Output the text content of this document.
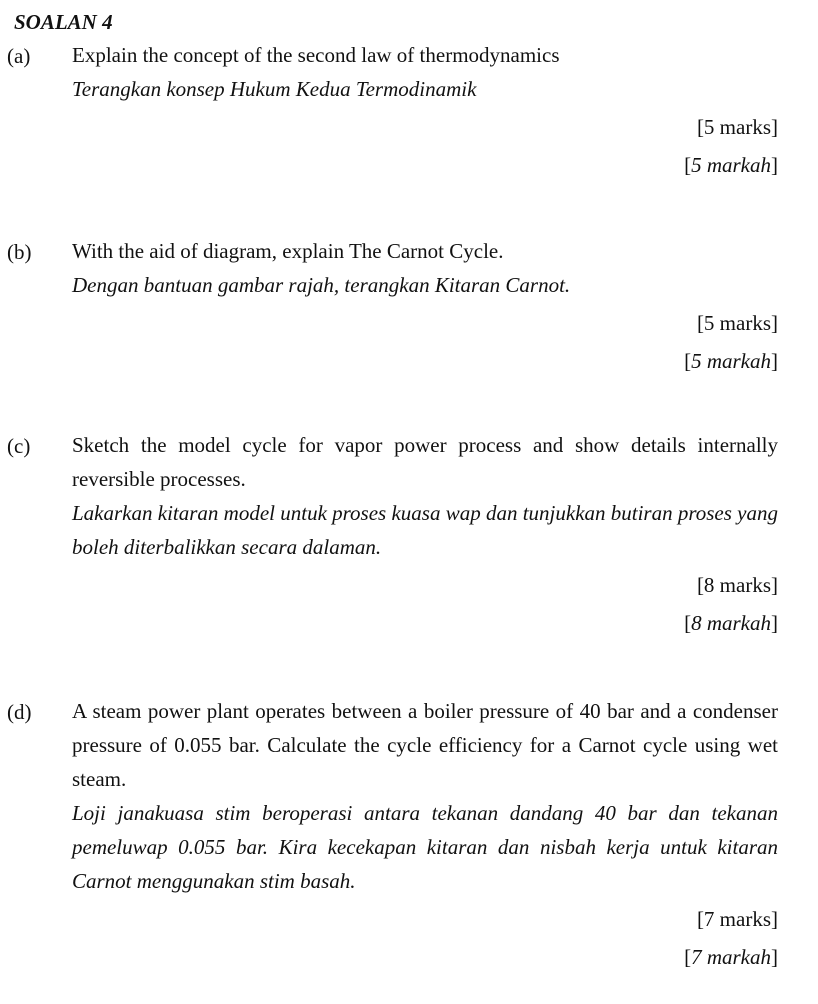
SOALAN 4
(a) Explain the concept of the second law of thermodynamics
Terangkan konsep Hukum Kedua Termodinamik
[5 marks]
[5 markah]
(b) With the aid of diagram, explain The Carnot Cycle.
Dengan bantuan gambar rajah, terangkan Kitaran Carnot.
[5 marks]
[5 markah]
(c) Sketch the model cycle for vapor power process and show details internally reversible processes.
Lakarkan kitaran model untuk proses kuasa wap dan tunjukkan butiran proses yang boleh diterbalikkan secara dalaman.
[8 marks]
[8 markah]
(d) A steam power plant operates between a boiler pressure of 40 bar and a condenser pressure of 0.055 bar. Calculate the cycle efficiency for a Carnot cycle using wet steam.
Loji janakuasa stim beroperasi antara tekanan dandang 40 bar dan tekanan pemeluwap 0.055 bar. Kira kecekapan kitaran dan nisbah kerja untuk kitaran Carnot menggunakan stim basah.
[7 marks]
[7 markah]
